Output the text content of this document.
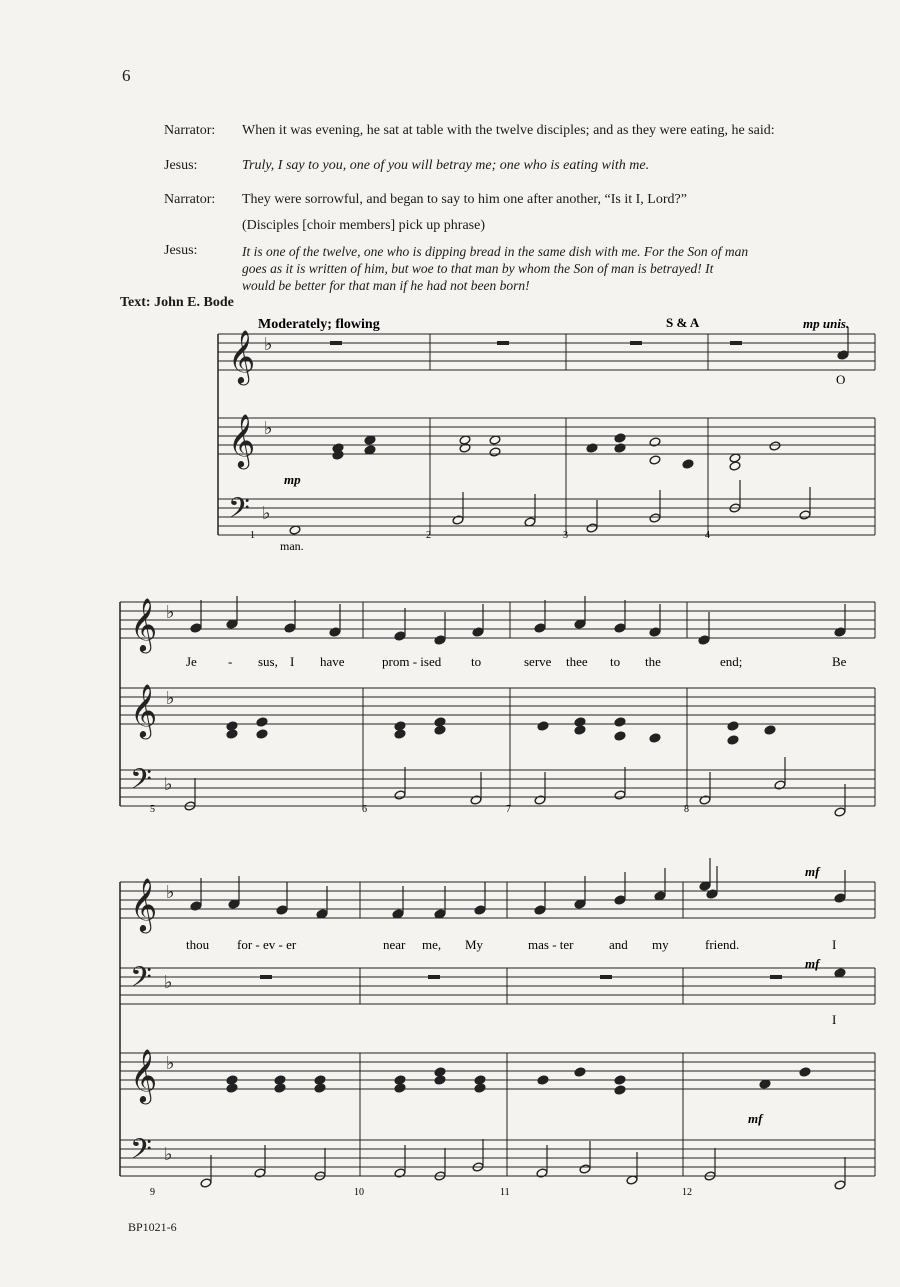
6
Narrator: When it was evening, he sat at table with the twelve disciples; and as they were eating, he said:
Jesus:	Truly, I say to you, one of you will betray me; one who is eating with me.
Narrator: They were sorrowful, and began to say to him one after another, “Is it I, Lord?”
(Disciples [choir members] pick up phrase)
Jesus:	It is one of the twelve, one who is dipping bread in the same dish with me. For the Son of man
goes as it is written of him, but woe to that man by whom the Son of man is betrayed! It
would be better for that man if he had not been born!
Text: John E. Bode
𝄞 ♭
𝄞 ♭
𝄢 ♭
𝄞 ♭
𝄞 ♭
𝄢 ♭
𝄞 ♭
𝄢 ♭
𝄞 ♭
𝄢 ♭
Moderately; flowing	S & A	mp unis.
mp
mf
mf
mf
O
man.
1	2	3	4
Je - sus, I have	prom - ised to	serve thee to the	end;	Be
5	6	7	8
thou for - ev - er	near me, My	mas - ter	and my	friend.	I
I
9	10	11	12
BP1021-6
